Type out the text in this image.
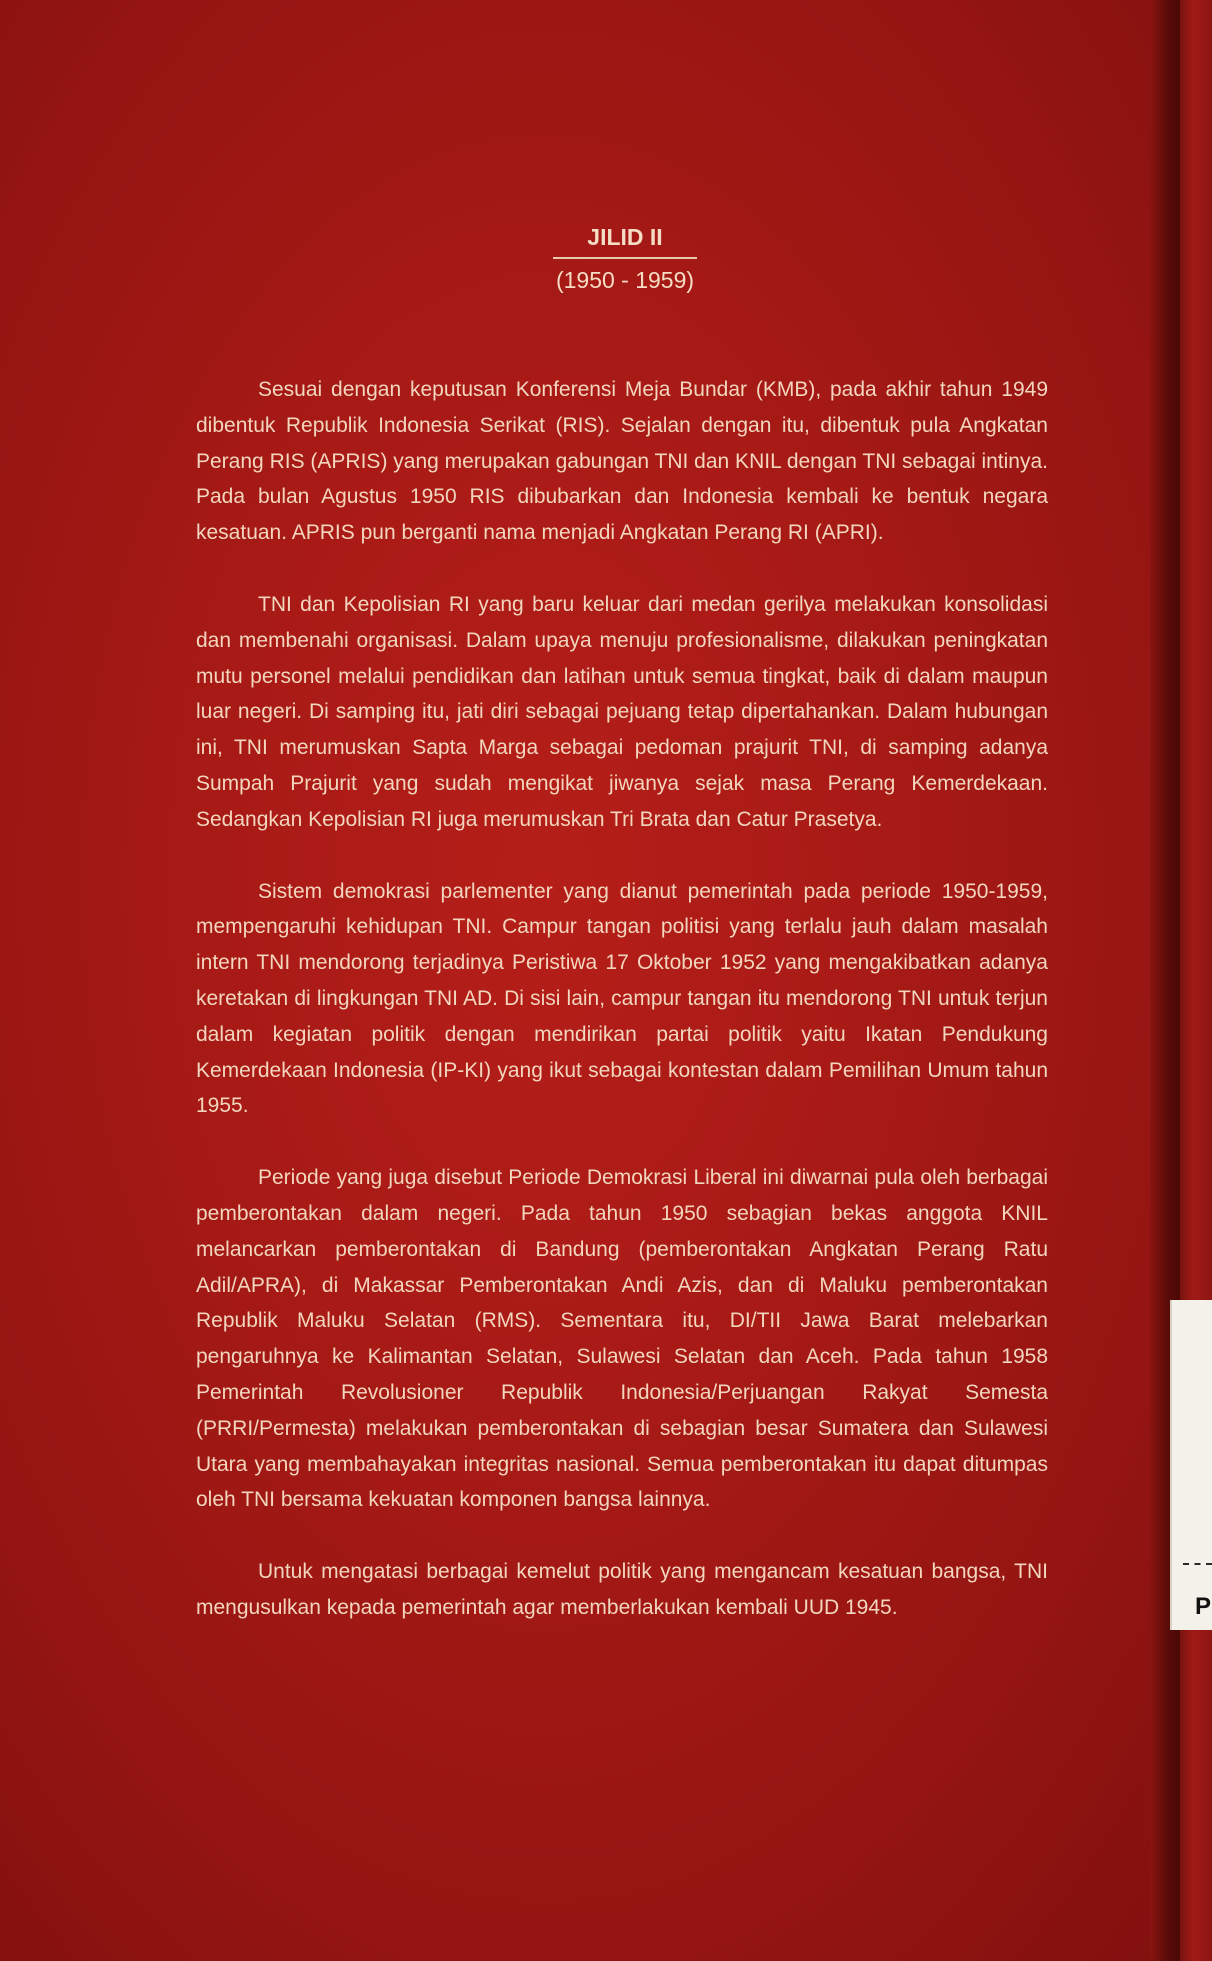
P
JILID II
(1950 - 1959)

Sesuai dengan keputusan Konferensi Meja Bundar (KMB), pada akhir tahun 1949 dibentuk Republik Indonesia Serikat (RIS). Sejalan dengan itu, dibentuk pula Angkatan Perang RIS (APRIS) yang merupakan gabungan TNI dan KNIL dengan TNI sebagai intinya. Pada bulan Agustus 1950 RIS dibubarkan dan Indonesia kembali ke bentuk negara kesatuan. APRIS pun berganti nama menjadi Angkatan Perang RI (APRI).

TNI dan Kepolisian RI yang baru keluar dari medan gerilya melakukan konsolidasi dan membenahi organisasi. Dalam upaya menuju profesionalisme, dilakukan peningkatan mutu personel melalui pendidikan dan latihan untuk semua tingkat, baik di dalam maupun luar negeri. Di samping itu, jati diri sebagai pejuang tetap dipertahankan. Dalam hubungan ini, TNI merumuskan Sapta Marga sebagai pedoman prajurit TNI, di samping adanya Sumpah Prajurit yang sudah mengikat jiwanya sejak masa Perang Kemerdekaan. Sedangkan Kepolisian RI juga merumuskan Tri Brata dan Catur Prasetya.

Sistem demokrasi parlementer yang dianut pemerintah pada periode 1950-1959, mempengaruhi kehidupan TNI. Campur tangan politisi yang terlalu jauh dalam masalah intern TNI mendorong terjadinya Peristiwa 17 Oktober 1952 yang mengakibatkan adanya keretakan di lingkungan TNI AD. Di sisi lain, campur tangan itu mendorong TNI untuk terjun dalam kegiatan politik dengan mendirikan partai politik yaitu Ikatan Pendukung Kemerdekaan Indonesia (IP-KI) yang ikut sebagai kontestan dalam Pemilihan Umum tahun 1955.

Periode yang juga disebut Periode Demokrasi Liberal ini diwarnai pula oleh berbagai pemberontakan dalam negeri. Pada tahun 1950 sebagian bekas anggota KNIL melancarkan pemberontakan di Bandung (pemberontakan Angkatan Perang Ratu Adil/APRA), di Makassar Pemberontakan Andi Azis, dan di Maluku pemberontakan Republik Maluku Selatan (RMS). Sementara itu, DI/TII Jawa Barat melebarkan pengaruhnya ke Kalimantan Selatan, Sulawesi Selatan dan Aceh. Pada tahun 1958 Pemerintah Revolusioner Republik Indonesia/Perjuangan Rakyat Semesta (PRRI/Permesta) melakukan pemberontakan di sebagian besar Sumatera dan Sulawesi Utara yang membahayakan integritas nasional. Semua pemberontakan itu dapat ditumpas oleh TNI bersama kekuatan komponen bangsa lainnya.

Untuk mengatasi berbagai kemelut politik yang mengancam kesatuan bangsa, TNI mengusulkan kepada pemerintah agar memberlakukan kembali UUD 1945.
